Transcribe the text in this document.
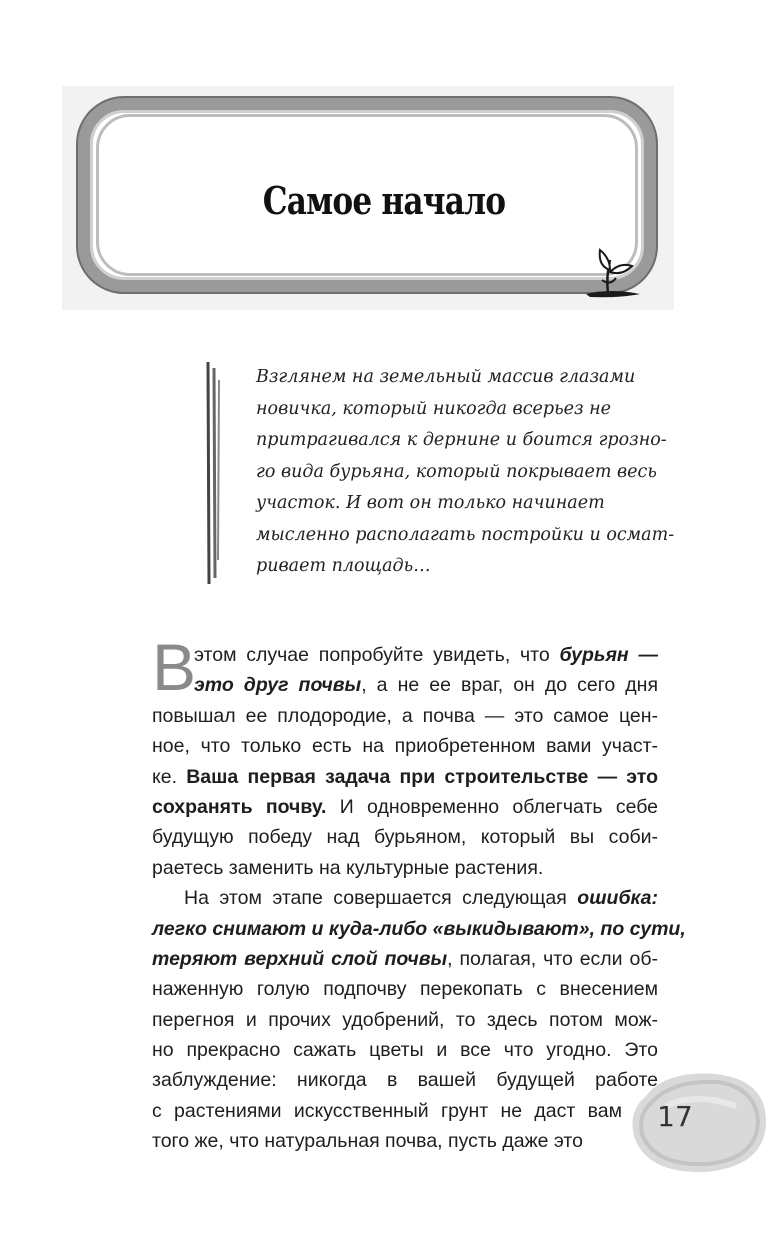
Самое начало
Взглянем на земельный массив глазами
новичка, который никогда всерьез не
притрагивался к дернине и боится грозно-
го вида бурьяна, который покрывает весь
участок. И вот он только начинает
мысленно располагать постройки и осмат-
ривает площадь…
В
этом случае попробуйте увидеть, что бурьян —
это друг почвы, а не ее враг, он до сего дня
повышал ее плодородие, а почва — это самое цен-
ное, что только есть на приобретенном вами участ-
ке. Ваша первая задача при строительстве — это
сохранять почву. И одновременно облегчать себе
будущую победу над бурьяном, который вы соби-
раетесь заменить на культурные растения.
На этом этапе совершается следующая ошибка:
легко снимают и куда-либо «выкидывают», по сути,
теряют верхний слой почвы, полагая, что если об-
наженную голую подпочву перекопать с внесением
перегноя и прочих удобрений, то здесь потом мож-
но прекрасно сажать цветы и все что угодно. Это
заблуждение: никогда в вашей будущей работе
с растениями искусственный грунт не даст вам
того же, что натуральная почва, пусть даже это
17
